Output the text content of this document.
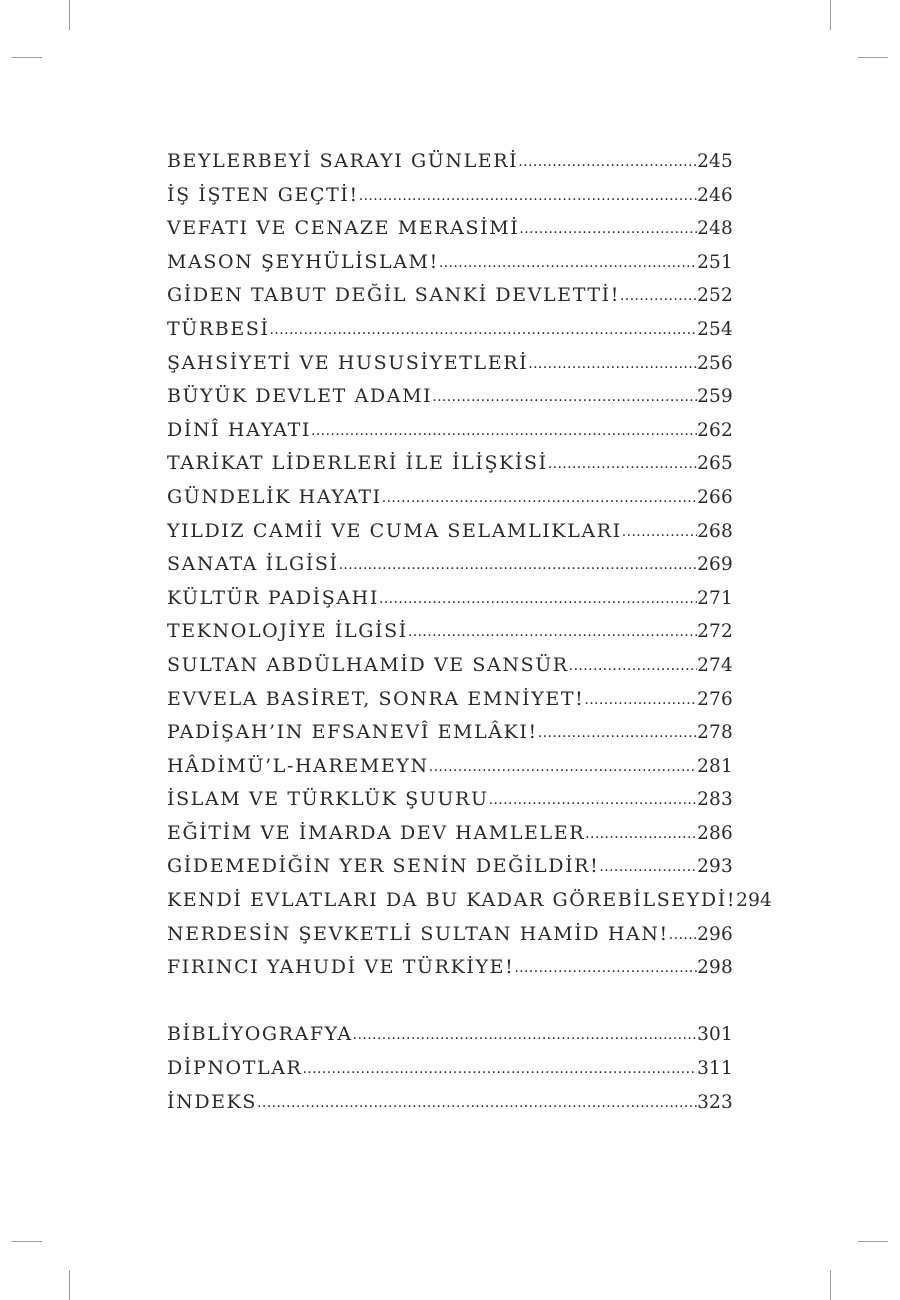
BEYLERBEYİ SARAYI GÜNLERİ .....	245
İŞ İŞTEN GEÇTİ! .....	246
VEFATI VE CENAZE MERASİMİ .....	248
MASON ŞEYHÜLİSLAM! .....	251
GİDEN TABUT DEĞİL SANKİ DEVLETTİ! .....	252
TÜRBESİ .....	254
ŞAHSİYETİ VE HUSUSİYETLERİ .....	256
BÜYÜK DEVLET ADAMI .....	259
DİNÎ HAYATI .....	262
TARİKAT LİDERLERİ İLE İLİŞKİSİ .....	265
GÜNDELİK HAYATI .....	266
YILDIZ CAMİİ VE CUMA SELAMLIKLARI .....	268
SANATA İLGİSİ .....	269
KÜLTÜR PADİŞAHI .....	271
TEKNOLOJİYE İLGİSİ .....	272
SULTAN ABDÜLHAMİD VE SANSÜR .....	274
EVVELA BASİRET, SONRA EMNİYET! .....	276
PADİŞAH’IN EFSANEVÎ EMLÂKI! .....	278
HÂDİMÜ’L-HAREMEYN .....	281
İSLAM VE TÜRKLÜK ŞUURU .....	283
EĞİTİM VE İMARDA DEV HAMLELER .....	286
GİDEMEDİĞİN YER SENİN DEĞİLDİR! .....	293
KENDİ EVLATLARI DA BU KADAR GÖREBİLSEYDİ! 294
NERDESİN ŞEVKETLİ SULTAN HAMİD HAN! ..... 296
FIRINCI YAHUDİ VE TÜRKİYE! .....	298
BİBLİYOGRAFYA .....	301
DİPNOTLAR .....	311
İNDEKS .....	323
